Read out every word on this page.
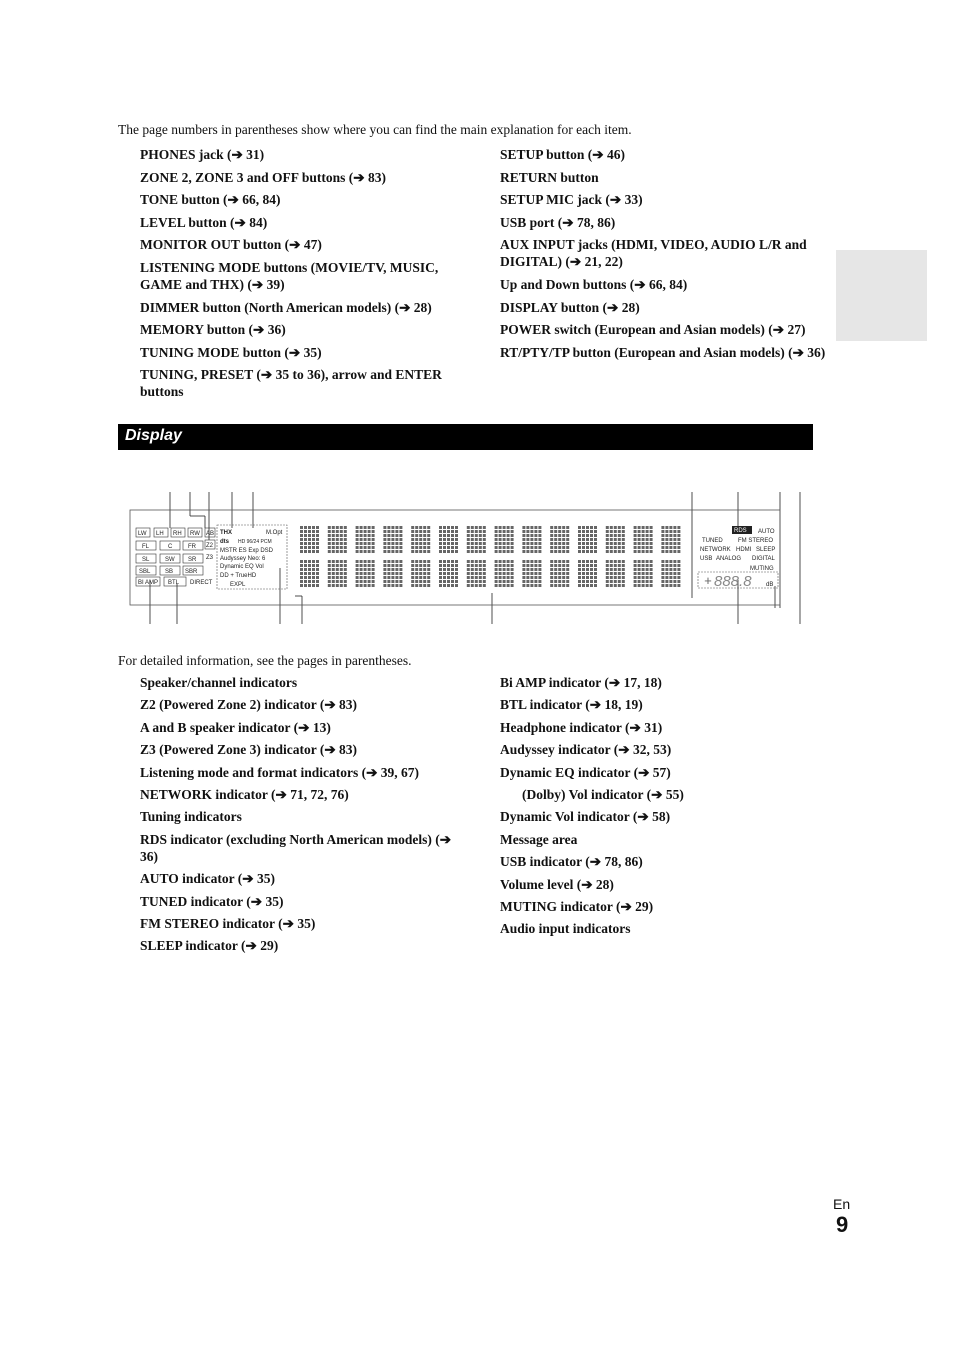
The page numbers in parentheses show where you can find the main explanation for each item.
PHONES jack (➔ 31)
ZONE 2, ZONE 3 and OFF buttons (➔ 83)
TONE button (➔ 66, 84)
LEVEL button (➔ 84)
MONITOR OUT button (➔ 47)
LISTENING MODE buttons (MOVIE/TV, MUSIC, GAME and THX) (➔ 39)
DIMMER button (North American models) (➔ 28)
MEMORY button (➔ 36)
TUNING MODE button (➔ 35)
TUNING, PRESET (➔ 35 to 36), arrow and ENTER buttons
SETUP button (➔ 46)
RETURN button
SETUP MIC jack (➔ 33)
USB port (➔ 78, 86)
AUX INPUT jacks (HDMI, VIDEO, AUDIO L/R and DIGITAL) (➔ 21, 22)
Up and Down buttons (➔ 66, 84)
DISPLAY button (➔ 28)
POWER switch (European and Asian models) (➔ 27)
RT/PTY/TP button (European and Asian models) (➔ 36)
Display
LW LH RH RW AB
Z2
FL	C	FR
Z3
SL	SW SR
SBL SB SBR
BI AMP BTL DIRECT
THX	M.Opt
dts HD 96/24 PCM
MSTR ES Exp DSD
Audyssey Neo: 6
Dynamic EQ Vol
DD + TrueHD
EXPL
RDS AUTO
TUNED	FM STEREO
NETWORK HDMI SLEEP
USB ANALOG DIGITAL
MUTING
+ 888.8 dB
For detailed information, see the pages in parentheses.
Speaker/channel indicators
Z2 (Powered Zone 2) indicator (➔ 83)
A and B speaker indicator (➔ 13)
Z3 (Powered Zone 3) indicator (➔ 83)
Listening mode and format indicators (➔ 39, 67)
NETWORK indicator (➔ 71, 72, 76)
Tuning indicators
RDS indicator (excluding North American models) (➔ 36)
AUTO indicator (➔ 35)
TUNED indicator (➔ 35)
FM STEREO indicator (➔ 35)
SLEEP indicator (➔ 29)
Bi AMP indicator (➔ 17, 18)
BTL indicator (➔ 18, 19)
Headphone indicator (➔ 31)
Audyssey indicator (➔ 32, 53)
Dynamic EQ indicator (➔ 57)
(Dolby) Vol indicator (➔ 55)
Dynamic Vol indicator (➔ 58)
Message area
USB indicator (➔ 78, 86)
Volume level (➔ 28)
MUTING indicator (➔ 29)
Audio input indicators
En
9
